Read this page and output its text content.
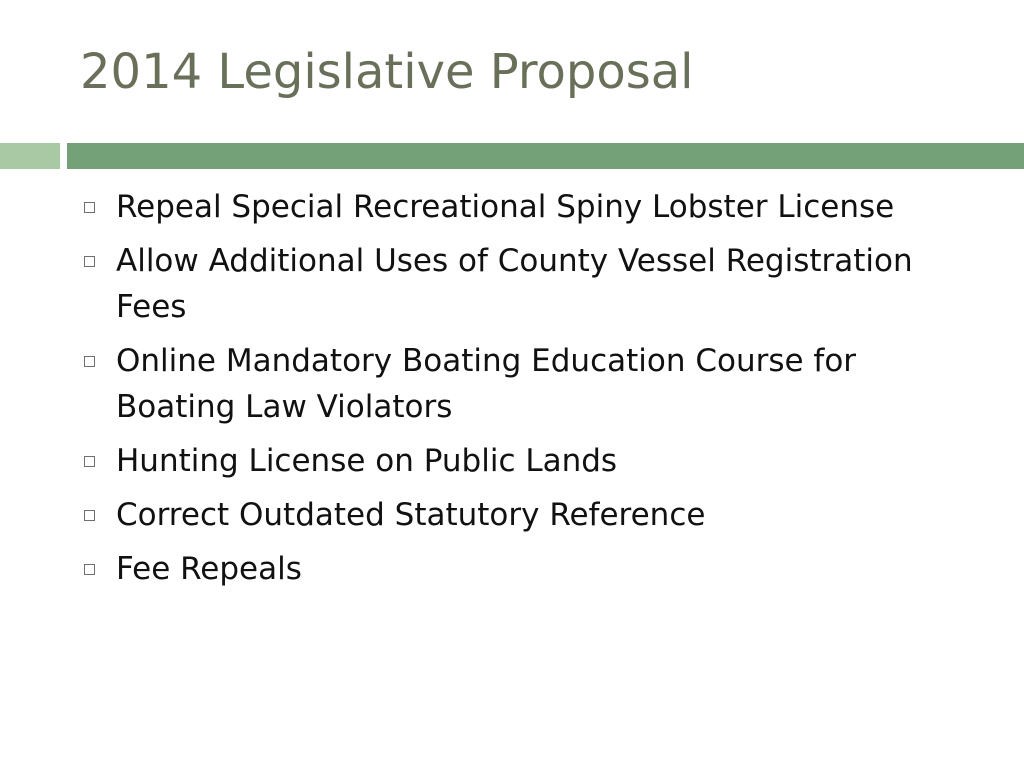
2014 Legislative Proposal
Repeal Special Recreational Spiny Lobster License
Allow Additional Uses of County Vessel Registration Fees
Online Mandatory Boating Education Course for Boating Law Violators
Hunting License on Public Lands
Correct Outdated Statutory Reference
Fee Repeals
